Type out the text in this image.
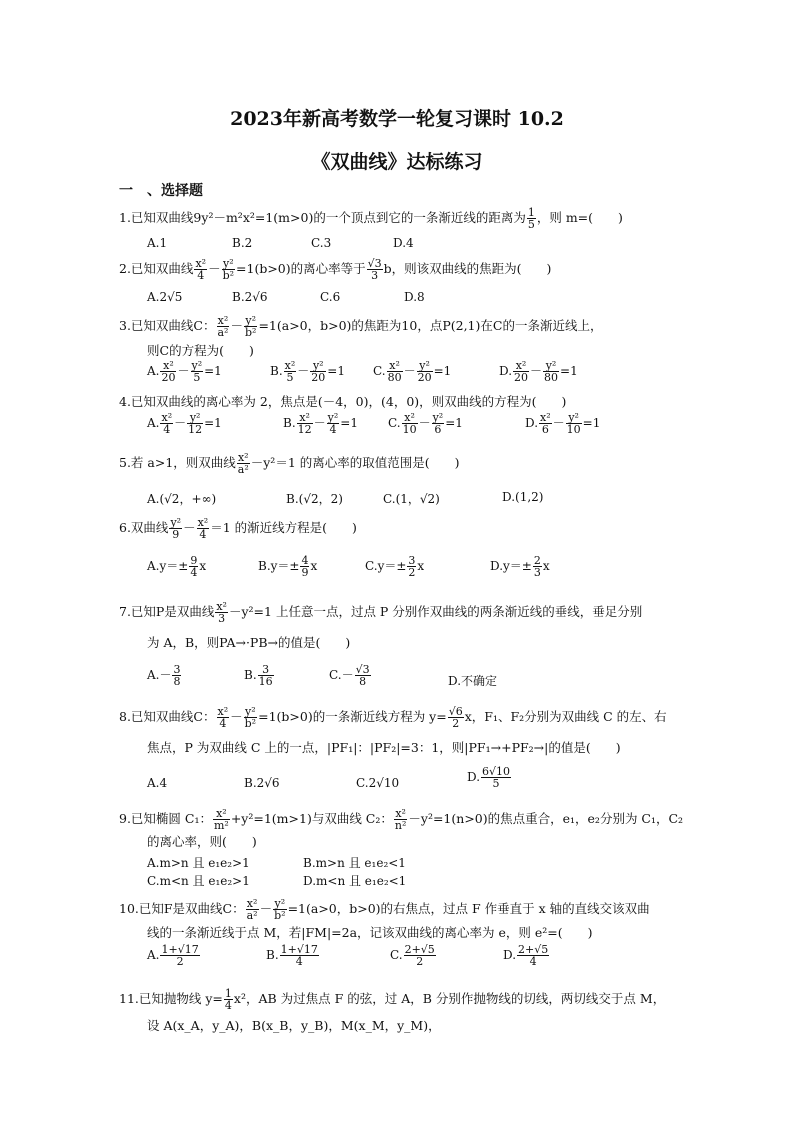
2023年新高考数学一轮复习课时 10.2
《双曲线》达标练习
一　、选择题
1.已知双曲线9y²－m²x²=1(m>0)的一个顶点到它的一条渐近线的距离为 $\frac{1}{5}$ ，则 m=(　　)
A.1	B.2	C.3	D.4
2.已知双曲线 $\frac{\text{x²}}{4} - \frac{\text{y²}}{\text{b²}} =1(b>0)$的离心率等于 $\frac{√3}{3}$ b，则该双曲线的焦距为(　　)
A.2√5	B.2√6	C.6	D.8
3.已知双曲线C： $\frac{\text{x²}}{\text{a²}} - \frac{\text{y²}}{\text{b²}} =1(a>0$，b>0)的焦距为10，点P(2,1)在C的一条渐近线上，
则C的方程为(　　)
A. $\frac{\text{x²}}{20} - \frac{\text{y²}}{5} =1$	B. $\frac{\text{x²}}{5} - \frac{\text{y²}}{20} =1$ C. $\frac{\text{x²}}{80} - \frac{\text{y²}}{20} =1$	D. $\frac{\text{x²}}{20} - \frac{\text{y²}}{80} =1$
4.已知双曲线的离心率为 2，焦点是(－4，0)，(4，0)，则双曲线的方程为(　　)
A. $\frac{\text{x²}}{4} - \frac{\text{y²}}{12} =1$	B. $\frac{\text{x²}}{12} - \frac{\text{y²}}{4} =1$	C. $\frac{\text{x²}}{10} - \frac{\text{y²}}{6} =1$	D. $\frac{\text{x²}}{6} - \frac{\text{y²}}{10} =1$
5.若 a>1，则双曲线 $\frac{\text{x²}}{\text{a²}} -y^2=1$ 的离心率的取值范围是(　　)
A.(√2，+∞)	B.(√2，2)	C.(1，√2)	D.(1,2)
6.双曲线 $\frac{\text{y²}}{9} - \frac{\text{x²}}{4} =1$ 的渐近线方程是(　　)
$A.y=\pm \frac{9}{4}$ x	$B.y=\pm \frac{4}{9}$ x	$C.y=\pm \frac{3}{2}$ x	$D.y=\pm \frac{2}{3}$ x
7.已知P是双曲线 $\frac{\text{x²}}{3} -y^2=1$ 上任意一点，过点 P 分别作双曲线的两条渐近线的垂线，垂足分别
为 A，B，则PA→·PB→的值是(　　)
$A.- \frac{3}{8}$	B. $\frac{3}{16}$	$C.- \frac{√3}{8}$	D.不确定
8.已知双曲线C： $\frac{\text{x²}}{4} - \frac{\text{y²}}{\text{b²}} =1(b>0)$的一条渐近线方程为 $y= \frac{√6}{2}$ x，F₁、F₂分别为双曲线 C 的左、右
焦点，P 为双曲线 C 上的一点，|PF₁|：|PF₂|=3：1，则|PF₁→+PF₂→|的值是(　　)
A.4	B.2√6	C.2√10	D. $\frac{6√10}{5}$
9.已知椭圆 C₁： $\frac{\text{x²}}{\text{m²}} +y^2=1(m>1)$与双曲线 C₂： $\frac{\text{x²}}{\text{n²}} -y^2=1(n>0)$的焦点重合，e₁，e₂分别为 C₁，C₂
的离心率，则(　　)
A.m>n 且 e₁e₂>1	B.m>n 且 e₁e₂<1
C.m<n 且 e₁e₂>1	D.m<n 且 e₁e₂<1
10.已知F是双曲线C： $\frac{\text{x²}}{\text{a²}} - \frac{\text{y²}}{\text{b²}} =1(a>0$，b>0)的右焦点，过点 F 作垂直于 x 轴的直线交该双曲
线的一条渐近线于点 M，若|FM|=2a，记该双曲线的离心率为 e，则 e²=(　　)
A. $\frac{1+√17}{2}$	B. $\frac{1+√17}{4}$	C. $\frac{2+√5}{2}$	D. $\frac{2+√5}{4}$
11.已知抛物线 $y= \frac{1}{4} x^2$，AB 为过焦点 F 的弦，过 A，B 分别作抛物线的切线，两切线交于点 M，
设 A(x_A，y_A)，B(x_B，y_B)，M(x_M，y_M)，
